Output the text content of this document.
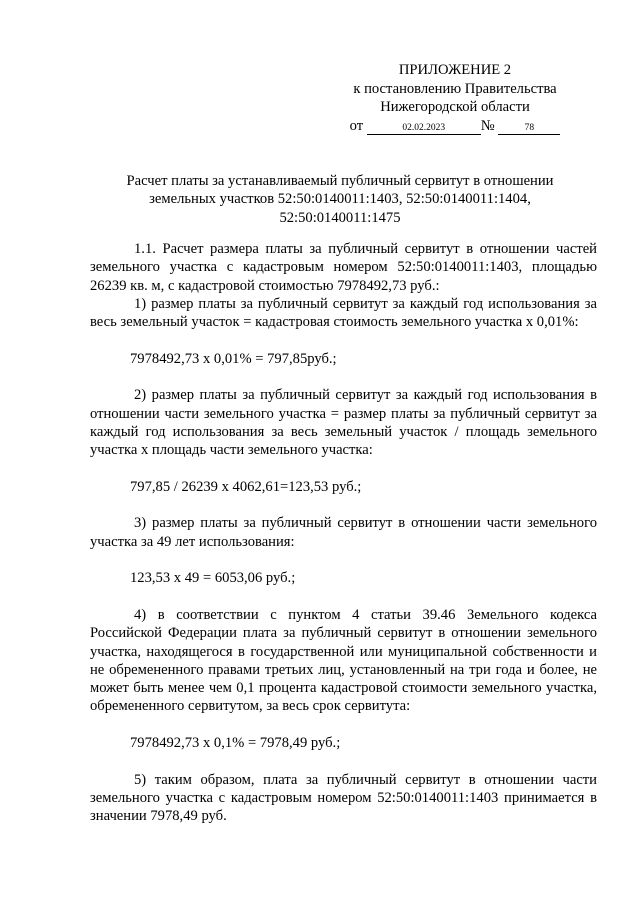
ПРИЛОЖЕНИЕ 2
к постановлению Правительства
Нижегородской области
от	02.02.2023 №	78
Расчет платы за устанавливаемый публичный сервитут в отношении
земельных участков 52:50:0140011:1403, 52:50:0140011:1404,
52:50:0140011:1475

1.1. Расчет размера платы за публичный сервитут в отношении частей земельного участка с кадастровым номером 52:50:0140011:1403, площадью 26239 кв. м, с кадастровой стоимостью 7978492,73 руб.:

1) размер платы за публичный сервитут за каждый год использования за весь земельный участок = кадастровая стоимость земельного участка х 0,01%:

7978492,73 х 0,01% = 797,85руб.;

2) размер платы за публичный сервитут за каждый год использования в отношении части земельного участка = размер платы за публичный сервитут за каждый год использования за весь земельный участок / площадь земельного участка х площадь части земельного участка:

797,85 / 26239 х 4062,61=123,53 руб.;

3) размер платы за публичный сервитут в отношении части земельного участка за 49 лет использования:

123,53 х 49 = 6053,06 руб.;

4) в соответствии с пунктом 4 статьи 39.46 Земельного кодекса Российской Федерации плата за публичный сервитут в отношении земельного участка, находящегося в государственной или муниципальной собственности и не обремененного правами третьих лиц, установленный на три года и более, не может быть менее чем 0,1 процента кадастровой стоимости земельного участка, обремененного сервитутом, за весь срок сервитута:

7978492,73 х 0,1% = 7978,49 руб.;

5) таким образом, плата за публичный сервитут в отношении части земельного участка с кадастровым номером 52:50:0140011:1403 принимается в значении 7978,49 руб.
